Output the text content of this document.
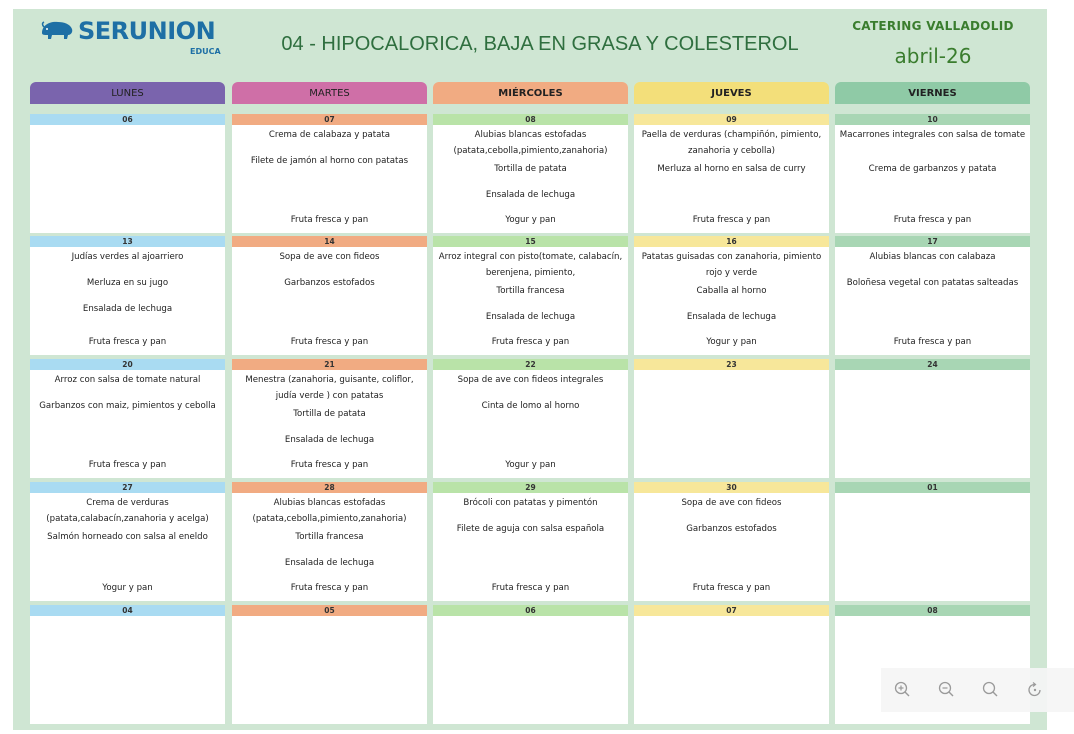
SERUNION
EDUCA	04 - HIPOCALORICA, BAJA EN GRASA Y COLESTEROL
CATERING VALLADOLID
abril-26
LUNES
06
13
Judías verdes al ajoarriero
Merluza en su jugo
Ensalada de lechuga
Fruta fresca y pan
20
Arroz con salsa de tomate natural
Garbanzos con maiz, pimientos y cebolla
Fruta fresca y pan
27
Crema de verduras (patata,calabacín,zanahoria y acelga)
Salmón horneado con salsa al eneldo
Yogur y pan
04
MARTES
07
Crema de calabaza y patata
Filete de jamón al horno con patatas
Fruta fresca y pan
14
Sopa de ave con fideos
Garbanzos estofados
Fruta fresca y pan
21
Menestra (zanahoria, guisante, coliflor, judía verde ) con patatas
Tortilla de patata
Ensalada de lechuga
Fruta fresca y pan
28
Alubias blancas estofadas (patata,cebolla,pimiento,zanahoria)
Tortilla francesa
Ensalada de lechuga
Fruta fresca y pan
05
MIÉRCOLES
08
Alubias blancas estofadas (patata,cebolla,pimiento,zanahoria)
Tortilla de patata
Ensalada de lechuga
Yogur y pan
15
Arroz integral con pisto(tomate, calabacín, berenjena, pimiento,
Tortilla francesa
Ensalada de lechuga
Fruta fresca y pan
22
Sopa de ave con fideos integrales
Cinta de lomo al horno
Yogur y pan
29
Brócoli con patatas y pimentón
Filete de aguja con salsa española
Fruta fresca y pan
06
JUEVES
09
Paella de verduras (champiñón, pimiento, zanahoria y cebolla)
Merluza al horno en salsa de curry
Fruta fresca y pan
16
Patatas guisadas con zanahoria, pimiento rojo y verde
Caballa al horno
Ensalada de lechuga
Yogur y pan
23
30
Sopa de ave con fideos
Garbanzos estofados
Fruta fresca y pan
07
VIERNES
10
Macarrones integrales con salsa de tomate
Crema de garbanzos y patata
Fruta fresca y pan
17
Alubias blancas con calabaza
Boloñesa vegetal con patatas salteadas
Fruta fresca y pan
24
01
08
